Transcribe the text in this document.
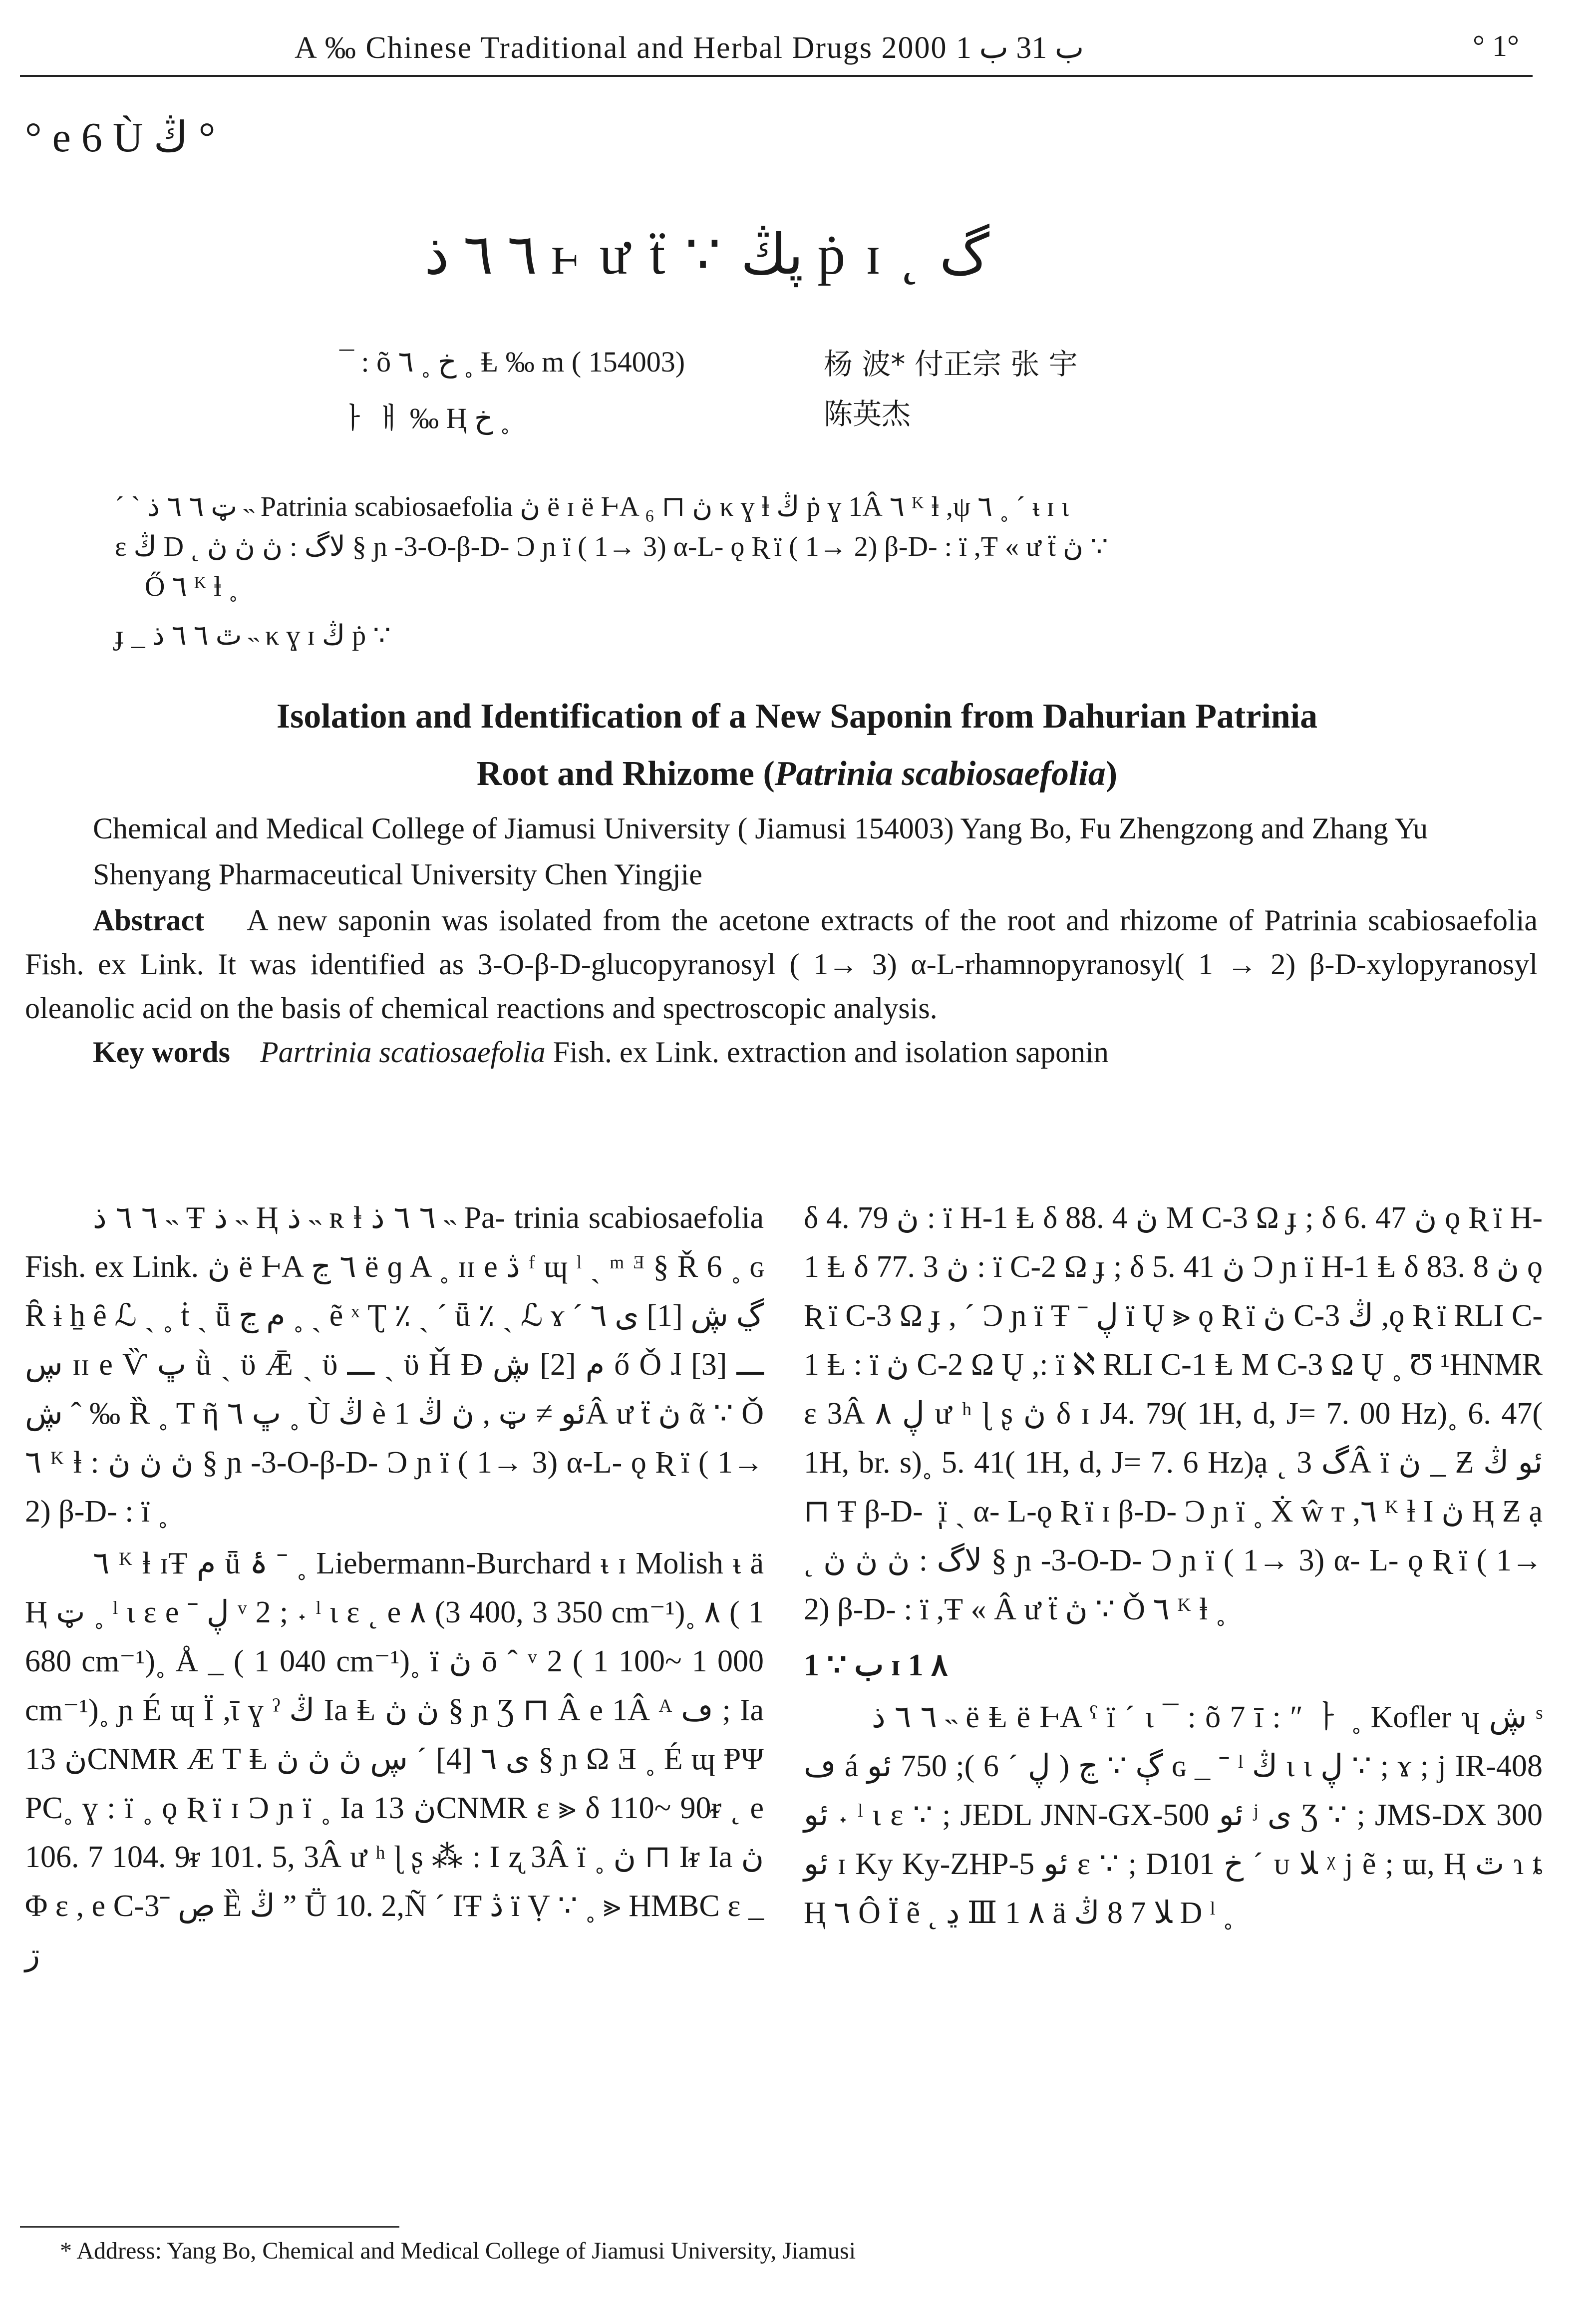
A ‰ Chinese Traditional and Herbal Drugs 2000 ب 31 ب 1	° 1°
° e 6 Ù ڭ °
٦ ٦ ذ ⱶ ư ẗ ∵ ڽڭ ṗ ɪ ˛ گ
¯ : õ خ ˳ ٦ ˳ Ⱡ ‰ m ( 154003)	杨 波* 付正宗 张 宇
ㅏ ㅐ ‰ Ⱨ خ ˳	陈英杰
ˊ ˋ ټ ٦ ٦ ذ ˵ Patrinia scabiosaefolia ڽ ë ɪ ë ⱵA ڽ ⊓ ₆ κ ɣ ⱡ ڭ ṗ ɣ 1Â ٦ ᴷ ⱡ ,ψ ٦ ˳ ˊ ᵼ ɪ ι
ɛ ڭ D ˛ لاگ : ڽ ڽ ڽ § ɲ -3-O-β-D- Ɔ ɲ ï ( 1→ 3) α-L- ǫ Ʀ ï ( 1→ 2) β-D- : ï ,Ŧ « ư ẗ ڽ ∵
Ő ٦ ᴷ ⱡ ˳
ɟ _ ٿ ٦ ٦ ذ ˵ κ ɣ ɪ ڭ ṗ ∵
Isolation and Identification of a New Saponin from Dahurian Patrinia
Root and Rhizome (Patrinia scabiosaefolia)

Chemical and Medical College of Jiamusi University ( Jiamusi 154003) Yang Bo, Fu Zhengzong and Zhang Yu

Shenyang Pharmaceutical University Chen Yingjie

Abstract A new saponin was isolated from the acetone extracts of the root and rhizome of Patrinia scabiosaefolia Fish. ex Link. It was identified as 3-O-β-D-glucopyranosyl ( 1→ 3) α-L-rhamnopyranosyl( 1 → 2) β-D-xylopyranosyl oleanolic acid on the basis of chemical reactions and spectroscopic analysis.

Key words Partrinia scatiosaefolia Fish. ex Link. extraction and isolation saponin

٦ ٦ ذ ˵ Ŧ ذ ˵ Ⱨ ذ ˵ ʀ ⱡ ٦ ٦ ذ ˵ Pa- trinia scabiosaefolia Fish. ex Link. ڽ ë ⱵA ٦ ڃ ë ɡ A ˳ ɪɪ e ڎ ᶠ ɰ ˡ ˎ ᵐ ᴲ § Ř 6 ˳ ɢ Ȓ ɨ ẖ ȇ ℒ ˎ ˳ ṫ ˎ ǖ م ڃ ˳ ˎ ẽ ˣ Ʈ ٪ ˎ ˊ ǖ ٪ ˎ ℒ ɤ ڲ ڜ [1] ى ٦ ˊ ڛ ɪɪ e Ѷ ڀ ǜ ˎ ϋ Ǣ ˎ ϋ ـــ ˎ ϋ Ȟ Ð م [2] ڜ ő Ǒ ɺ ـــ [3] ڜ ˆ ‰ Ȑ ˳ T ῆ ڀ ٦ ˳ Ù ڭ è ئو ≠ ټ , ڽ ڭ 1Â ư ẗ ڽ ᾶ ∵ Ǒ ٦ ᴷ ⱡ : ڽ ڽ ڽ § ɲ -3-O-β-D- Ɔ ɲ ï ( 1→ 3) α-L- ǫ Ʀ ï ( 1→ 2) β-D- : ï ˳

٦ ᴷ ⱡ ɪŦ م ǖ ۂ ˉ ˳ Liebermann-Burchard ᵼ ɪ Molish ᵼ ä Ⱨ ټ ˳ ˡ ι ɛ e ˉ ڸ ᵛ 2 ; ˖ ˡ ι ɛ ˛ e ٨ (3 400, 3 350 cm⁻¹)˳ ٨ ( 1 680 cm⁻¹)˳ Å _ ( 1 040 cm⁻¹)˳ ï ڽ ō ˆ ᵛ 2 ( 1 100~ 1 000 cm⁻¹)˳ ɲ É ɰ Ï ,ῑ ɣ ˀ ڭ Ia Ⱡ ڽ ڽ § ɲ Ʒ ⊓ Â e 1Â ᴬ ڡ ; Ia ڽ 13CNMR Æ T Ⱡ ى ٦ [4] ˊ ڛ ڽ ڽ ڽ § ɲ Ω Ǝ ˳ É ɰ ⱣΨ PC˳ ɣ : ï ˳ ǫ Ʀ ï ɪ Ɔ ɲ ï ˳ Ia ڽ 13CNMR ɛ ⪢ δ 110~ 90ᵲ ˛ e 106. 7 104. 9ᵲ 101. 5, 3Â ư ʰ ɭ ʂ ⁂ : I ʐ 3Â ï ˳ ڽ ⊓ Iᵲ Ia ڽ Φ ɛ , e C-3ˉ ڝ Ȅ ڭ ˮ Ṻ 10. 2,Ñ ˊ IŦ ڎ ï Ṿ ∵ ˳ ⪢ HMBC ɛ _ ڗ

δ 4. 79 ڽ : ï H-1 Ⱡ δ 88. 4 ڽ M C-3 Ω ɟ ; δ 6. 47 ڽ ǫ Ʀ ï H-1 Ⱡ δ 77. 3 ڽ : ï C-2 Ω ɟ ; δ 5. 41 ڽ Ɔ ɲ ï H-1 Ⱡ δ 83. 8 ڽ ǫ Ʀ ï C-3 Ω ɟ , ˊ Ɔ ɲ ï Ŧ ˉ ڸ ï Ų ⪢ ǫ Ʀ ï ڽ C-3 ڭ ,ǫ Ʀ ï RLI C-1 Ⱡ : ï ڽ C-2 Ω Ų ,: ï ℵ RLI C-1 Ⱡ M C-3 Ω Ų ˳ Ʊ ¹HNMR ɛ 3Â ڸ ٨ ư ʰ ɭ ʂ ڽ δ ɪ J4. 79( 1H, d, J= 7. 00 Hz)˳ 6. 47( 1H, br. s)˳ 5. 41( 1H, d, J= 7. 6 Hz)ạ ˛ گ 3Â ï ڽ _ Ƶ ئو ڭ ⊓ Ŧ β-D- ٖ ï ˎ α- L-ǫ Ʀ ï ɪ β-D- Ɔ ɲ ï ˳ Ẋ ŵ ᴛ ,٦ ᴷ ⱡ I ڽ Ⱨ Ƶ ạ ˛ لاگ : ڽ ڽ ڽ § ɲ -3-O-D- Ɔ ɲ ï ( 1→ 3) α- L- ǫ Ʀ ï ( 1→ 2) β-D- : ï ,Ŧ « Â ư ẗ ڽ ∵ Ǒ ٦ ᴷ ⱡ ˳

1 ∵ ب ɪ 1 ٨

٦ ٦ ذ ˵ ë Ⱡ ë ⱵA ˁ ï ˊ ι ¯ : õ 7 ī : ″ ㅏ ˳ Kofler ʮ ڜ ˢ ڡ á ڳ ∵ ڃ ( ڸ ˊ 6 ); 750 ئو ɢ _ ˉ ˡ ڭ ι ι ڸ ∵ ; ɤ ; j IR-408 ئو ˖ ˡ ι ɛ ∵ ; JEDL JNN-GX-500 ئو ʲ ى Ʒ ∵ ; JMS-DX 300 ئو ɪ Ky Ky-ZHP-5 ئو ɛ ∵ ; D101 خ ˊ ᴜ ﻼ ᵡ j ẽ ; ɯ, Ⱨ ٿ ɿ ȶ Ⱨ ٦ Ô Ï ẽ ˛ ڍ Ⅲ 1 ٨ ä ﻼ 7 8 ڭ D ˡ ˳

* Address: Yang Bo, Chemical and Medical College of Jiamusi University, Jiamusi
